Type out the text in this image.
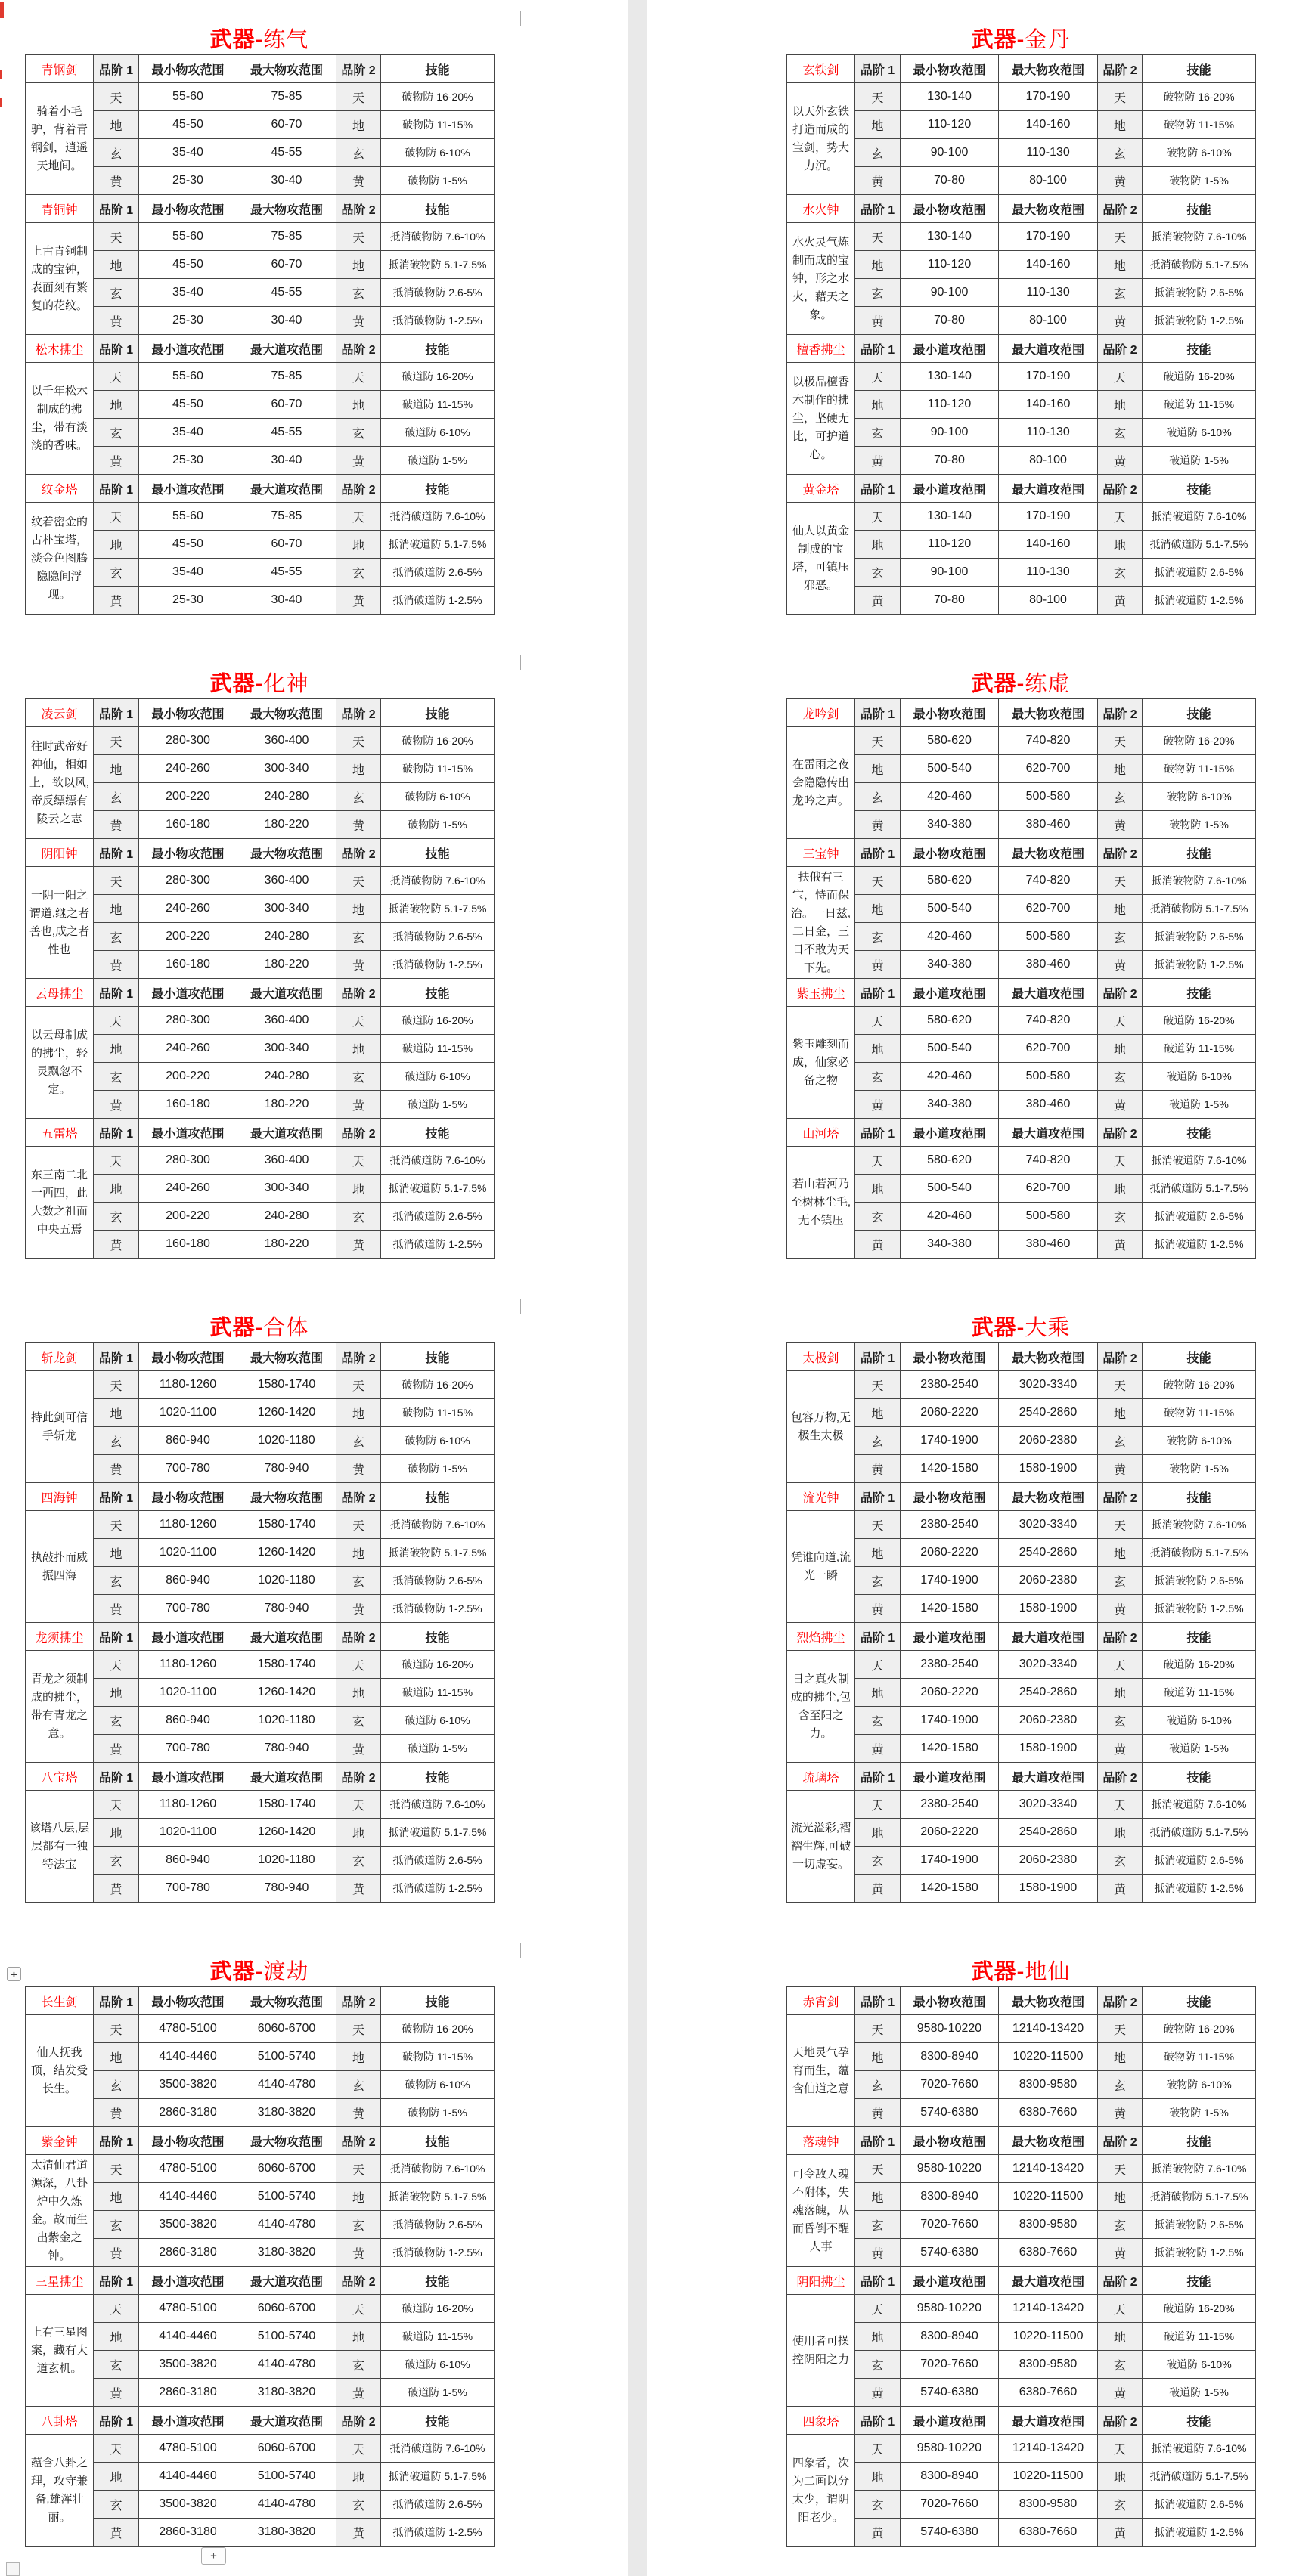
武器-练气
青钢剑	品阶 1	最小物攻范围	最大物攻范围	品阶 2	技能
骑着小毛驴，背着青钢剑，逍遥天地间。	天	55-60	75-85	天	破物防 16-20%
	地	45-50	60-70	地	破物防 11-15%
	玄	35-40	45-55	玄	破物防 6-10%
	黄	25-30	30-40	黄	破物防 1-5%
青铜钟	品阶 1	最小物攻范围	最大物攻范围	品阶 2	技能
上古青铜制成的宝钟，表面刻有繁复的花纹。	天	55-60	75-85	天	抵消破物防 7.6-10%
	地	45-50	60-70	地	抵消破物防 5.1-7.5%
	玄	35-40	45-55	玄	抵消破物防 2.6-5%
	黄	25-30	30-40	黄	抵消破物防 1-2.5%
松木拂尘	品阶 1	最小道攻范围	最大道攻范围	品阶 2	技能
以千年松木制成的拂尘，带有淡淡的香味。	天	55-60	75-85	天	破道防 16-20%
	地	45-50	60-70	地	破道防 11-15%
	玄	35-40	45-55	玄	破道防 6-10%
	黄	25-30	30-40	黄	破道防 1-5%
纹金塔	品阶 1	最小道攻范围	最大道攻范围	品阶 2	技能
纹着密金的古朴宝塔，淡金色图腾隐隐间浮现。	天	55-60	75-85	天	抵消破道防 7.6-10%
	地	45-50	60-70	地	抵消破道防 5.1-7.5%
	玄	35-40	45-55	玄	抵消破道防 2.6-5%
	黄	25-30	30-40	黄	抵消破道防 1-2.5%
武器-金丹
玄铁剑	品阶 1	最小物攻范围	最大物攻范围	品阶 2	技能
以天外玄铁打造而成的宝剑，势大力沉。	天	130-140	170-190	天	破物防 16-20%
	地	110-120	140-160	地	破物防 11-15%
	玄	90-100	110-130	玄	破物防 6-10%
	黄	70-80	80-100	黄	破物防 1-5%
水火钟	品阶 1	最小物攻范围	最大物攻范围	品阶 2	技能
水火灵气炼制而成的宝钟，形之水火，藉天之象。	天	130-140	170-190	天	抵消破物防 7.6-10%
	地	110-120	140-160	地	抵消破物防 5.1-7.5%
	玄	90-100	110-130	玄	抵消破物防 2.6-5%
	黄	70-80	80-100	黄	抵消破物防 1-2.5%
檀香拂尘	品阶 1	最小道攻范围	最大道攻范围	品阶 2	技能
以极品檀香木制作的拂尘，坚硬无比，可护道心。	天	130-140	170-190	天	破道防 16-20%
	地	110-120	140-160	地	破道防 11-15%
	玄	90-100	110-130	玄	破道防 6-10%
	黄	70-80	80-100	黄	破道防 1-5%
黄金塔	品阶 1	最小道攻范围	最大道攻范围	品阶 2	技能
仙人以黄金制成的宝塔，可镇压邪恶。	天	130-140	170-190	天	抵消破道防 7.6-10%
	地	110-120	140-160	地	抵消破道防 5.1-7.5%
	玄	90-100	110-130	玄	抵消破道防 2.6-5%
	黄	70-80	80-100	黄	抵消破道防 1-2.5%
武器-化神
凌云剑	品阶 1	最小物攻范围	最大物攻范围	品阶 2	技能
往时武帝好神仙，相如上，欲以风,帝反缥缥有陵云之志	天	280-300	360-400	天	破物防 16-20%
	地	240-260	300-340	地	破物防 11-15%
	玄	200-220	240-280	玄	破物防 6-10%
	黄	160-180	180-220	黄	破物防 1-5%
阴阳钟	品阶 1	最小物攻范围	最大物攻范围	品阶 2	技能
一阴一阳之谓道,继之者善也,成之者性也	天	280-300	360-400	天	抵消破物防 7.6-10%
	地	240-260	300-340	地	抵消破物防 5.1-7.5%
	玄	200-220	240-280	玄	抵消破物防 2.6-5%
	黄	160-180	180-220	黄	抵消破物防 1-2.5%
云母拂尘	品阶 1	最小道攻范围	最大道攻范围	品阶 2	技能
以云母制成的拂尘，轻灵飘忽不定。	天	280-300	360-400	天	破道防 16-20%
	地	240-260	300-340	地	破道防 11-15%
	玄	200-220	240-280	玄	破道防 6-10%
	黄	160-180	180-220	黄	破道防 1-5%
五雷塔	品阶 1	最小道攻范围	最大道攻范围	品阶 2	技能
东三南二北一西四，此大数之祖而中央五焉	天	280-300	360-400	天	抵消破道防 7.6-10%
	地	240-260	300-340	地	抵消破道防 5.1-7.5%
	玄	200-220	240-280	玄	抵消破道防 2.6-5%
	黄	160-180	180-220	黄	抵消破道防 1-2.5%
武器-练虚
龙吟剑	品阶 1	最小物攻范围	最大物攻范围	品阶 2	技能
在雷雨之夜会隐隐传出龙吟之声。	天	580-620	740-820	天	破物防 16-20%
	地	500-540	620-700	地	破物防 11-15%
	玄	420-460	500-580	玄	破物防 6-10%
	黄	340-380	380-460	黄	破物防 1-5%
三宝钟	品阶 1	最小物攻范围	最大物攻范围	品阶 2	技能
扶俄有三宝，恃而保治。一日兹,二日金，三日不敢为天下先。	天	580-620	740-820	天	抵消破物防 7.6-10%
	地	500-540	620-700	地	抵消破物防 5.1-7.5%
	玄	420-460	500-580	玄	抵消破物防 2.6-5%
	黄	340-380	380-460	黄	抵消破物防 1-2.5%
紫玉拂尘	品阶 1	最小道攻范围	最大道攻范围	品阶 2	技能
紫玉雕刻而成，仙家必备之物	天	580-620	740-820	天	破道防 16-20%
	地	500-540	620-700	地	破道防 11-15%
	玄	420-460	500-580	玄	破道防 6-10%
	黄	340-380	380-460	黄	破道防 1-5%
山河塔	品阶 1	最小道攻范围	最大道攻范围	品阶 2	技能
若山若河乃至树林尘毛,无不镇压	天	580-620	740-820	天	抵消破道防 7.6-10%
	地	500-540	620-700	地	抵消破道防 5.1-7.5%
	玄	420-460	500-580	玄	抵消破道防 2.6-5%
	黄	340-380	380-460	黄	抵消破道防 1-2.5%
武器-合体
斩龙剑	品阶 1	最小物攻范围	最大物攻范围	品阶 2	技能
持此剑可信手斩龙	天	1180-1260	1580-1740	天	破物防 16-20%
	地	1020-1100	1260-1420	地	破物防 11-15%
	玄	860-940	1020-1180	玄	破物防 6-10%
	黄	700-780	780-940	黄	破物防 1-5%
四海钟	品阶 1	最小物攻范围	最大物攻范围	品阶 2	技能
执敲扑而威振四海	天	1180-1260	1580-1740	天	抵消破物防 7.6-10%
	地	1020-1100	1260-1420	地	抵消破物防 5.1-7.5%
	玄	860-940	1020-1180	玄	抵消破物防 2.6-5%
	黄	700-780	780-940	黄	抵消破物防 1-2.5%
龙须拂尘	品阶 1	最小道攻范围	最大道攻范围	品阶 2	技能
青龙之须制成的拂尘，带有青龙之意。	天	1180-1260	1580-1740	天	破道防 16-20%
	地	1020-1100	1260-1420	地	破道防 11-15%
	玄	860-940	1020-1180	玄	破道防 6-10%
	黄	700-780	780-940	黄	破道防 1-5%
八宝塔	品阶 1	最小道攻范围	最大道攻范围	品阶 2	技能
该塔八层,层层都有一独特法宝	天	1180-1260	1580-1740	天	抵消破道防 7.6-10%
	地	1020-1100	1260-1420	地	抵消破道防 5.1-7.5%
	玄	860-940	1020-1180	玄	抵消破道防 2.6-5%
	黄	700-780	780-940	黄	抵消破道防 1-2.5%
武器-大乘
太极剑	品阶 1	最小物攻范围	最大物攻范围	品阶 2	技能
包容万物,无极生太极	天	2380-2540	3020-3340	天	破物防 16-20%
	地	2060-2220	2540-2860	地	破物防 11-15%
	玄	1740-1900	2060-2380	玄	破物防 6-10%
	黄	1420-1580	1580-1900	黄	破物防 1-5%
流光钟	品阶 1	最小物攻范围	最大物攻范围	品阶 2	技能
凭谁向道,流光一瞬	天	2380-2540	3020-3340	天	抵消破物防 7.6-10%
	地	2060-2220	2540-2860	地	抵消破物防 5.1-7.5%
	玄	1740-1900	2060-2380	玄	抵消破物防 2.6-5%
	黄	1420-1580	1580-1900	黄	抵消破物防 1-2.5%
烈焰拂尘	品阶 1	最小道攻范围	最大道攻范围	品阶 2	技能
日之真火制成的拂尘,包含至阳之力。	天	2380-2540	3020-3340	天	破道防 16-20%
	地	2060-2220	2540-2860	地	破道防 11-15%
	玄	1740-1900	2060-2380	玄	破道防 6-10%
	黄	1420-1580	1580-1900	黄	破道防 1-5%
琉璃塔	品阶 1	最小道攻范围	最大道攻范围	品阶 2	技能
流光溢彩,褶褶生辉,可破一切虚妄。	天	2380-2540	3020-3340	天	抵消破道防 7.6-10%
	地	2060-2220	2540-2860	地	抵消破道防 5.1-7.5%
	玄	1740-1900	2060-2380	玄	抵消破道防 2.6-5%
	黄	1420-1580	1580-1900	黄	抵消破道防 1-2.5%
武器-渡劫
长生剑	品阶 1	最小物攻范围	最大物攻范围	品阶 2	技能
仙人抚我顶，结发受长生。	天	4780-5100	6060-6700	天	破物防 16-20%
	地	4140-4460	5100-5740	地	破物防 11-15%
	玄	3500-3820	4140-4780	玄	破物防 6-10%
	黄	2860-3180	3180-3820	黄	破物防 1-5%
紫金钟	品阶 1	最小物攻范围	最大物攻范围	品阶 2	技能
太清仙君道源深，八卦炉中久炼金。故而生出紫金之钟。	天	4780-5100	6060-6700	天	抵消破物防 7.6-10%
	地	4140-4460	5100-5740	地	抵消破物防 5.1-7.5%
	玄	3500-3820	4140-4780	玄	抵消破物防 2.6-5%
	黄	2860-3180	3180-3820	黄	抵消破物防 1-2.5%
三星拂尘	品阶 1	最小道攻范围	最大道攻范围	品阶 2	技能
上有三星图案，藏有大道玄机。	天	4780-5100	6060-6700	天	破道防 16-20%
	地	4140-4460	5100-5740	地	破道防 11-15%
	玄	3500-3820	4140-4780	玄	破道防 6-10%
	黄	2860-3180	3180-3820	黄	破道防 1-5%
八卦塔	品阶 1	最小道攻范围	最大道攻范围	品阶 2	技能
蕴含八卦之理，攻守兼备,雄浑壮丽。	天	4780-5100	6060-6700	天	抵消破道防 7.6-10%
	地	4140-4460	5100-5740	地	抵消破道防 5.1-7.5%
	玄	3500-3820	4140-4780	玄	抵消破道防 2.6-5%
	黄	2860-3180	3180-3820	黄	抵消破道防 1-2.5%
武器-地仙
赤宵剑	品阶 1	最小物攻范围	最大物攻范围	品阶 2	技能
天地灵气孕育而生，蕴含仙道之意	天	9580-10220	12140-13420	天	破物防 16-20%
	地	8300-8940	10220-11500	地	破物防 11-15%
	玄	7020-7660	8300-9580	玄	破物防 6-10%
	黄	5740-6380	6380-7660	黄	破物防 1-5%
落魂钟	品阶 1	最小物攻范围	最大物攻范围	品阶 2	技能
可令敌人魂不附体，失魂落魄，从而昏倒不醒人事	天	9580-10220	12140-13420	天	抵消破物防 7.6-10%
	地	8300-8940	10220-11500	地	抵消破物防 5.1-7.5%
	玄	7020-7660	8300-9580	玄	抵消破物防 2.6-5%
	黄	5740-6380	6380-7660	黄	抵消破物防 1-2.5%
阴阳拂尘	品阶 1	最小道攻范围	最大道攻范围	品阶 2	技能
使用者可操控阴阳之力	天	9580-10220	12140-13420	天	破道防 16-20%
	地	8300-8940	10220-11500	地	破道防 11-15%
	玄	7020-7660	8300-9580	玄	破道防 6-10%
	黄	5740-6380	6380-7660	黄	破道防 1-5%
四象塔	品阶 1	最小道攻范围	最大道攻范围	品阶 2	技能
四象者，次为二画以分太少，谓阴阳老少。	天	9580-10220	12140-13420	天	抵消破道防 7.6-10%
	地	8300-8940	10220-11500	地	抵消破道防 5.1-7.5%
	玄	7020-7660	8300-9580	玄	抵消破道防 2.6-5%
	黄	5740-6380	6380-7660	黄	抵消破道防 1-2.5%
+
+
